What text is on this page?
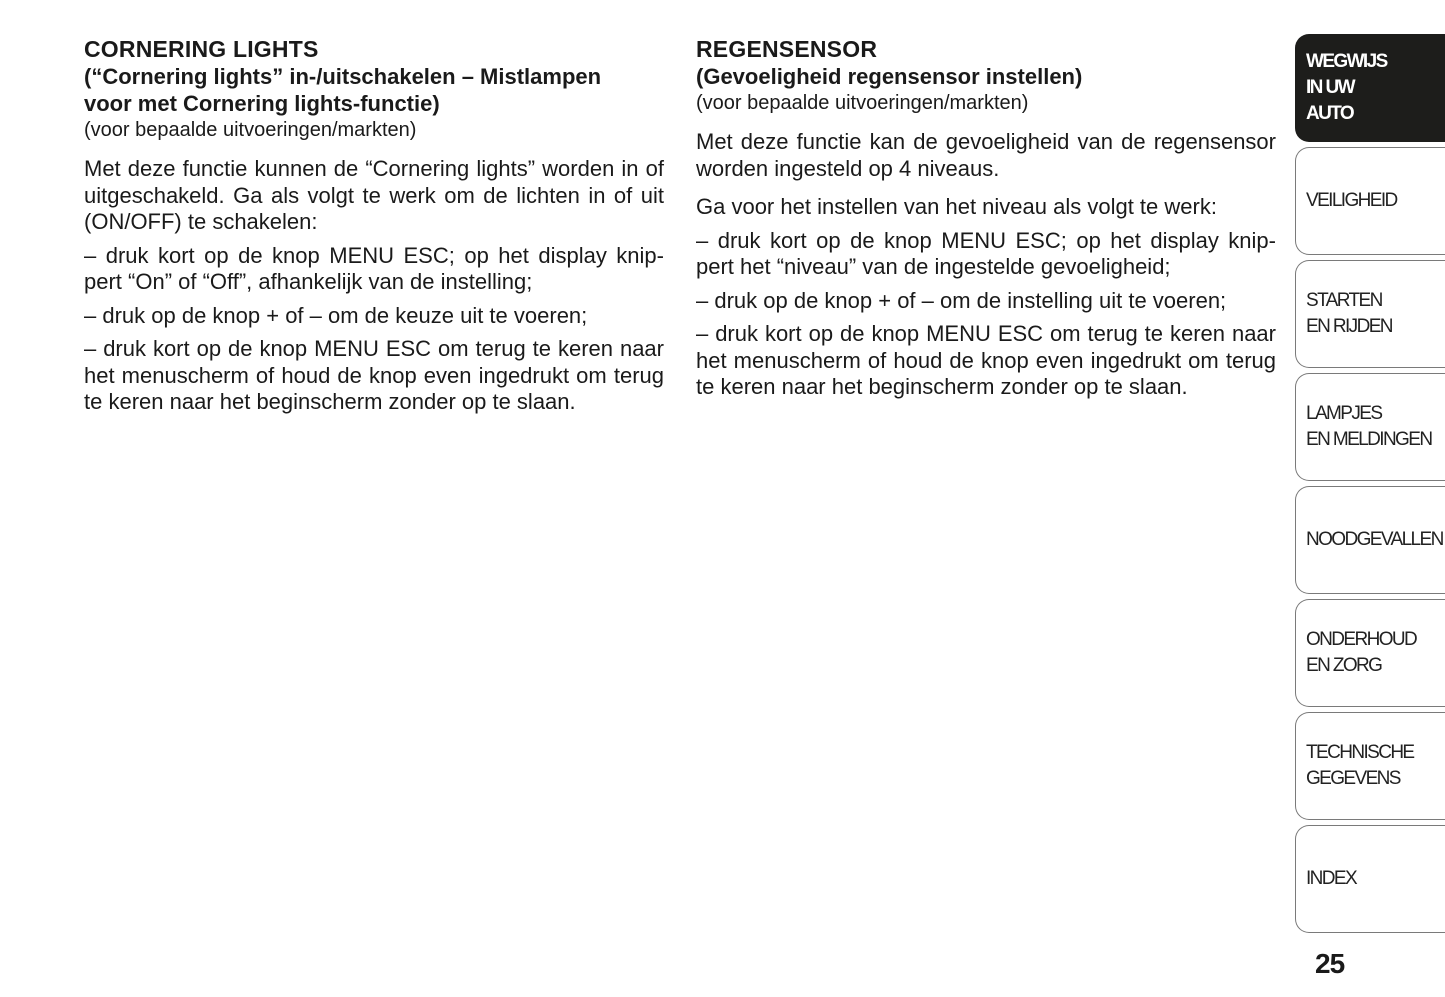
CORNERING LIGHTS

(“Cornering lights” in-/uitschakelen – Mistlampen

voor met Cornering lights-functie)

(voor bepaalde uitvoeringen/markten)

Met deze functie kunnen de “Cornering lights” worden in of uitgeschakeld. Ga als volgt te werk om de lichten in of uit (ON/OFF) te schakelen:

– druk kort op de knop MENU ESC; op het display knip-pert “On” of “Off”, afhankelijk van de instelling;

– druk op de knop + of – om de keuze uit te voeren;

– druk kort op de knop MENU ESC om terug te keren naar het menuscherm of houd de knop even ingedrukt om terug te keren naar het beginscherm zonder op te slaan.

REGENSENSOR

(Gevoeligheid regensensor instellen)

(voor bepaalde uitvoeringen/markten)

Met deze functie kan de gevoeligheid van de regensensor worden ingesteld op 4 niveaus.

Ga voor het instellen van het niveau als volgt te werk:

– druk kort op de knop MENU ESC; op het display knip-pert het “niveau” van de ingestelde gevoeligheid;

– druk op de knop + of – om de instelling uit te voeren;

– druk kort op de knop MENU ESC om terug te keren naar het menuscherm of houd de knop even ingedrukt om terug te keren naar het beginscherm zonder op te slaan.

WEGWIJS
IN UW
AUTO
VEILIGHEID
STARTEN
EN RIJDEN
LAMPJES
EN MELDINGEN
NOODGEVALLEN
ONDERHOUD
EN ZORG
TECHNISCHE
GEGEVENS
INDEX
25
